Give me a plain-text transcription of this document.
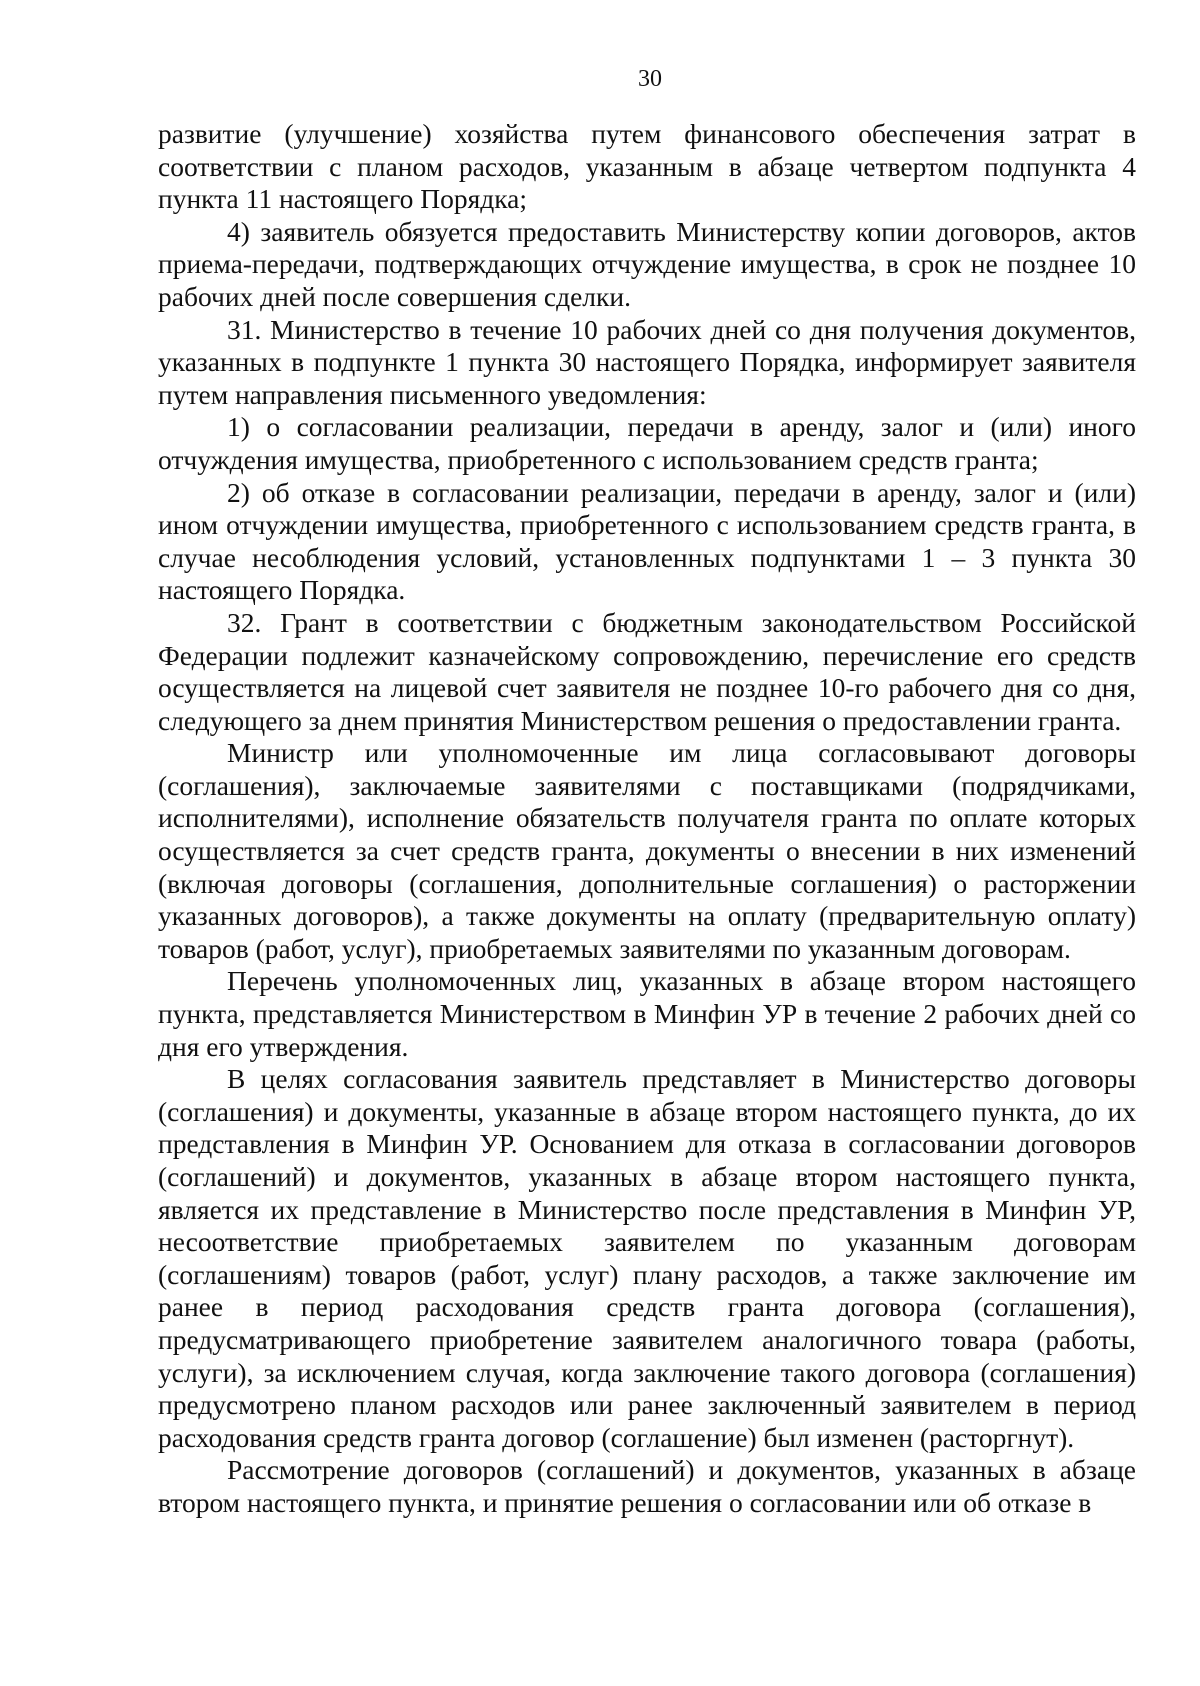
30

развитие (улучшение) хозяйства путем финансового обеспечения затрат в соответствии с планом расходов, указанным в абзаце четвертом подпункта 4 пункта 11 настоящего Порядка;

4) заявитель обязуется предоставить Министерству копии договоров, актов приема-передачи, подтверждающих отчуждение имущества, в срок не позднее 10 рабочих дней после совершения сделки.

31. Министерство в течение 10 рабочих дней со дня получения документов, указанных в подпункте 1 пункта 30 настоящего Порядка, информирует заявителя путем направления письменного уведомления:

1) о согласовании реализации, передачи в аренду, залог и (или) иного отчуждения имущества, приобретенного с использованием средств гранта;

2) об отказе в согласовании реализации, передачи в аренду, залог и (или) ином отчуждении имущества, приобретенного с использованием средств гранта, в случае несоблюдения условий, установленных подпунктами 1 – 3 пункта 30 настоящего Порядка.

32. Грант в соответствии с бюджетным законодательством Российской Федерации подлежит казначейскому сопровождению, перечисление его средств осуществляется на лицевой счет заявителя не позднее 10-го рабочего дня со дня, следующего за днем принятия Министерством решения о предоставлении гранта.

Министр или уполномоченные им лица согласовывают договоры (соглашения), заключаемые заявителями с поставщиками (подрядчиками, исполнителями), исполнение обязательств получателя гранта по оплате которых осуществляется за счет средств гранта, документы о внесении в них изменений (включая договоры (соглашения, дополнительные соглашения) о расторжении указанных договоров), а также документы на оплату (предварительную оплату) товаров (работ, услуг), приобретаемых заявителями по указанным договорам.

Перечень уполномоченных лиц, указанных в абзаце втором настоящего пункта, представляется Министерством в Минфин УР в течение 2 рабочих дней со дня его утверждения.

В целях согласования заявитель представляет в Министерство договоры (соглашения) и документы, указанные в абзаце втором настоящего пункта, до их представления в Минфин УР. Основанием для отказа в согласовании договоров (соглашений) и документов, указанных в абзаце втором настоящего пункта, является их представление в Министерство после представления в Минфин УР, несоответствие приобретаемых заявителем по указанным договорам (соглашениям) товаров (работ, услуг) плану расходов, а также заключение им ранее в период расходования средств гранта договора (соглашения), предусматривающего приобретение заявителем аналогичного товара (работы, услуги), за исключением случая, когда заключение такого договора (соглашения) предусмотрено планом расходов или ранее заключенный заявителем в период расходования средств гранта договор (соглашение) был изменен (расторгнут).

Рассмотрение договоров (соглашений) и документов, указанных в абзаце втором настоящего пункта, и принятие решения о согласовании или об отказе в
